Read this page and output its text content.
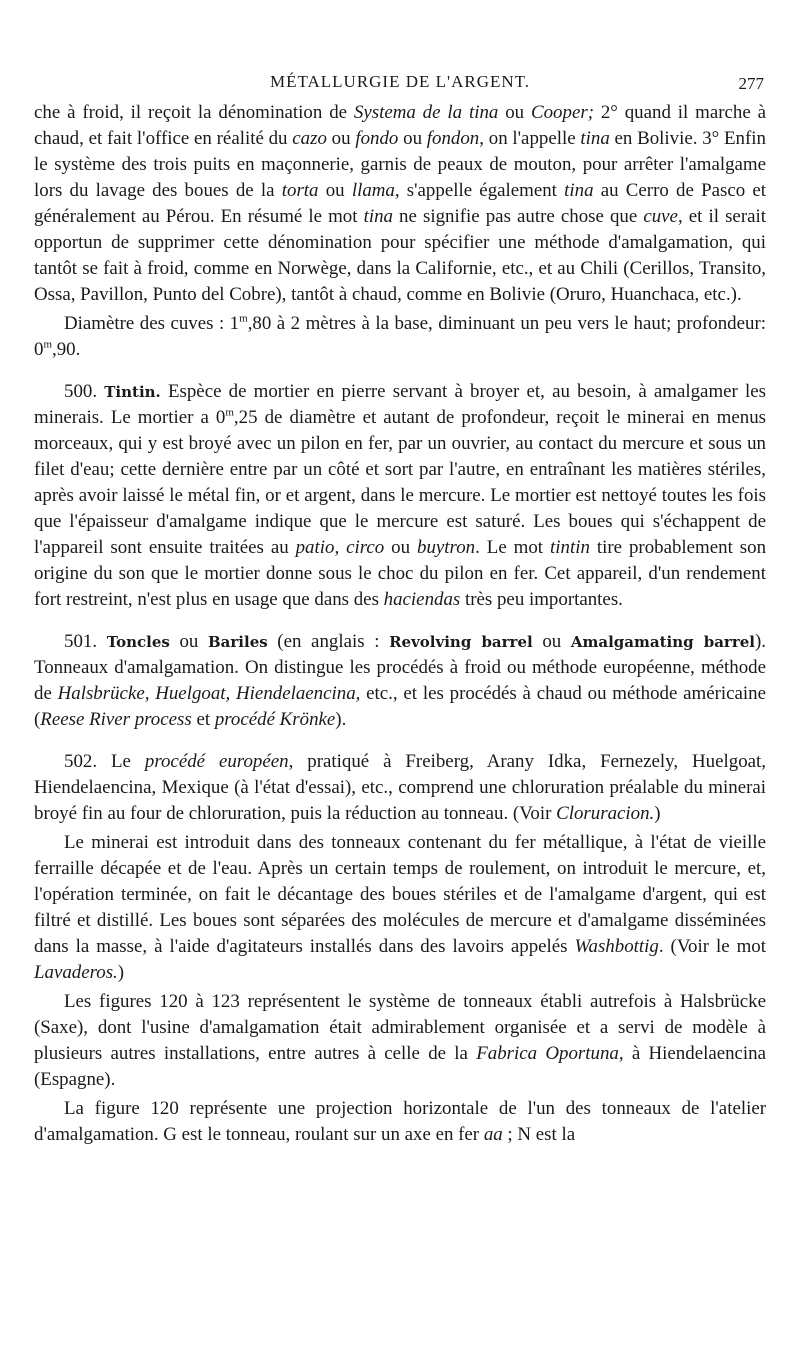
MÉTALLURGIE DE L'ARGENT.	277

che à froid, il reçoit la dénomination de Systema de la tina ou Cooper; 2° quand il marche à chaud, et fait l'office en réalité du cazo ou fondo ou fondon, on l'appelle tina en Bolivie. 3° Enfin le système des trois puits en maçonnerie, garnis de peaux de mouton, pour arrêter l'amalgame lors du lavage des boues de la torta ou llama, s'appelle également tina au Cerro de Pasco et généralement au Pérou. En résumé le mot tina ne signifie pas autre chose que cuve, et il serait opportun de supprimer cette dénomination pour spécifier une méthode d'amalgamation, qui tantôt se fait à froid, comme en Norwège, dans la Californie, etc., et au Chili (Cerillos, Transito, Ossa, Pavillon, Punto del Cobre), tantôt à chaud, comme en Bolivie (Oruro, Huanchaca, etc.).

Diamètre des cuves : 1$^m$,80 à 2 mètres à la base, diminuant un peu vers le haut; profondeur: 0$^m$,90.

500. Tintin. Espèce de mortier en pierre servant à broyer et, au besoin, à amalgamer les minerais. Le mortier a 0$^m$,25 de diamètre et autant de profondeur, reçoit le minerai en menus morceaux, qui y est broyé avec un pilon en fer, par un ouvrier, au contact du mercure et sous un filet d'eau; cette dernière entre par un côté et sort par l'autre, en entraînant les matières stériles, après avoir laissé le métal fin, or et argent, dans le mercure. Le mortier est nettoyé toutes les fois que l'épaisseur d'amalgame indique que le mercure est saturé. Les boues qui s'échappent de l'appareil sont ensuite traitées au patio, circo ou buytron. Le mot tintin tire probablement son origine du son que le mortier donne sous le choc du pilon en fer. Cet appareil, d'un rendement fort restreint, n'est plus en usage que dans des haciendas très peu importantes.

501. Toncles ou Bariles (en anglais : Revolving barrel ou Amalgamating barrel). Tonneaux d'amalgamation. On distingue les procédés à froid ou méthode européenne, méthode de Halsbrücke, Huelgoat, Hiendelaencina, etc., et les procédés à chaud ou méthode américaine (Reese River process et procédé Krönke).

502. Le procédé européen, pratiqué à Freiberg, Arany Idka, Fernezely, Huelgoat, Hiendelaencina, Mexique (à l'état d'essai), etc., comprend une chloruration préalable du minerai broyé fin au four de chloruration, puis la réduction au tonneau. (Voir Cloruracion.)

Le minerai est introduit dans des tonneaux contenant du fer métallique, à l'état de vieille ferraille décapée et de l'eau. Après un certain temps de roulement, on introduit le mercure, et, l'opération terminée, on fait le décantage des boues stériles et de l'amalgame d'argent, qui est filtré et distillé. Les boues sont séparées des molécules de mercure et d'amalgame disséminées dans la masse, à l'aide d'agitateurs installés dans des lavoirs appelés Washbottig. (Voir le mot Lavaderos.)

Les figures 120 à 123 représentent le système de tonneaux établi autrefois à Halsbrücke (Saxe), dont l'usine d'amalgamation était admirablement organisée et a servi de modèle à plusieurs autres installations, entre autres à celle de la Fabrica Oportuna, à Hiendelaencina (Espagne).

La figure 120 représente une projection horizontale de l'un des tonneaux de l'atelier d'amalgamation. G est le tonneau, roulant sur un axe en fer aa ; N est la
